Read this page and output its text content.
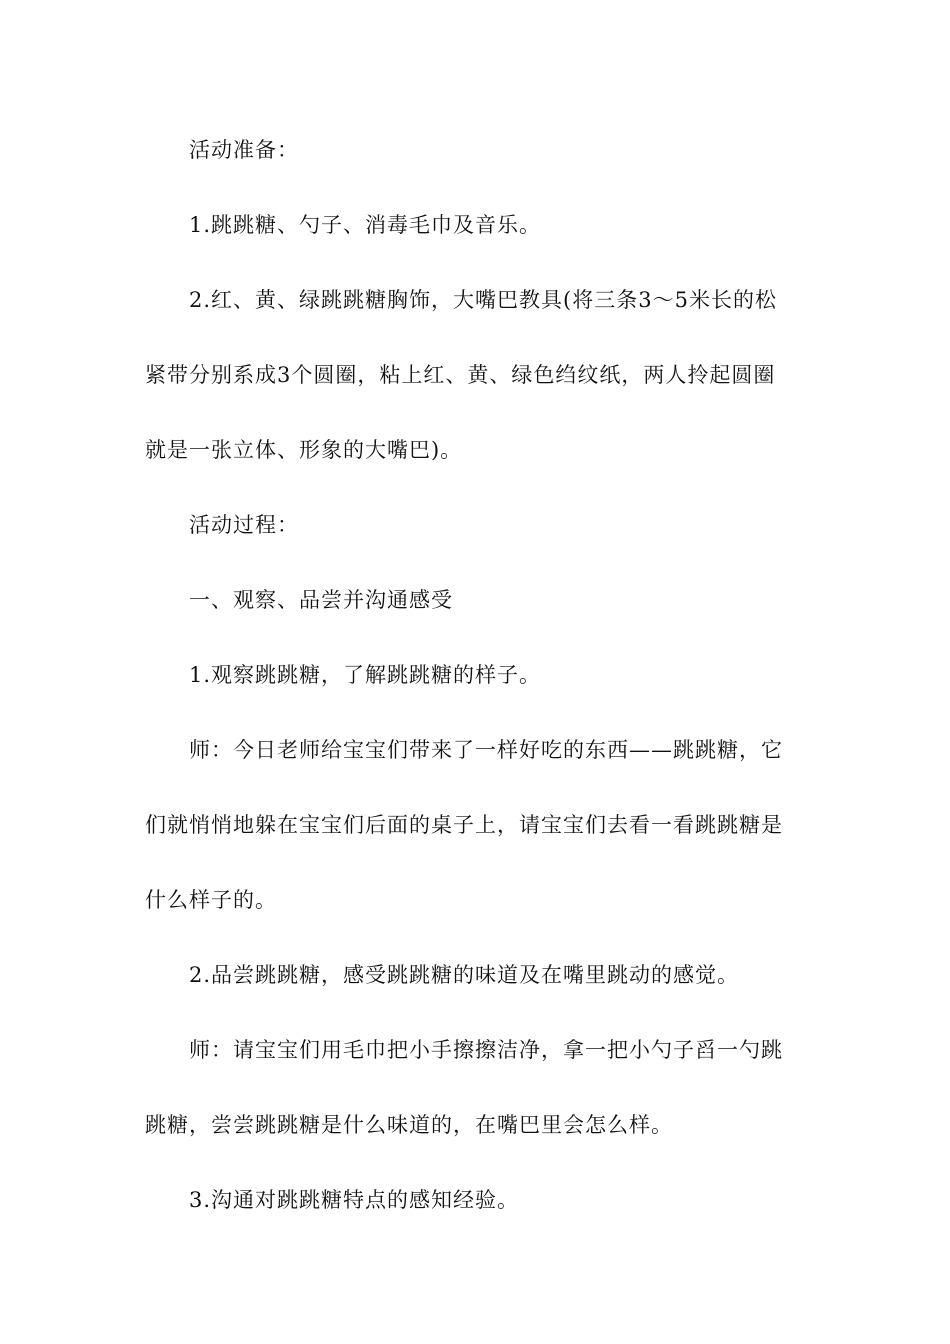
活动准备：
1.跳跳糖、勺子、消毒毛巾及音乐。
2.红、黄、绿跳跳糖胸饰，大嘴巴教具(将三条3～5米长的松
紧带分别系成3个圆圈，粘上红、黄、绿色绉纹纸，两人拎起圆圈
就是一张立体、形象的大嘴巴)。
活动过程：
一、观察、品尝并沟通感受
1.观察跳跳糖，了解跳跳糖的样子。
师：今日老师给宝宝们带来了一样好吃的东西——跳跳糖，它
们就悄悄地躲在宝宝们后面的桌子上，请宝宝们去看一看跳跳糖是
什么样子的。
2.品尝跳跳糖，感受跳跳糖的味道及在嘴里跳动的感觉。
师：请宝宝们用毛巾把小手擦擦洁净，拿一把小勺子舀一勺跳
跳糖，尝尝跳跳糖是什么味道的，在嘴巴里会怎么样。
3.沟通对跳跳糖特点的感知经验。
